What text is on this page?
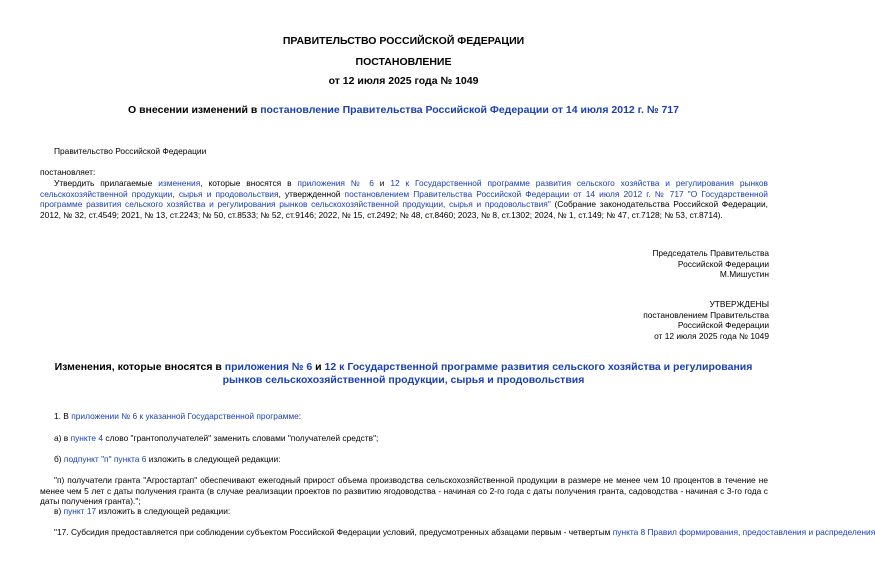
ПРАВИТЕЛЬСТВО РОССИЙСКОЙ ФЕДЕРАЦИИ

ПОСТАНОВЛЕНИЕ

от 12 июля 2025 года № 1049

О внесении изменений в постановление Правительства Российской Федерации от 14 июля 2012 г. № 717

Правительство Российской Федерации

постановляет:

Утвердить прилагаемые изменения, которые вносятся в приложения № 6 и 12 к Государственной программе развития сельского хозяйства и регулирования рынков сельскохозяйственной продукции, сырья и продовольствия, утвержденной постановлением Правительства Российской Федерации от 14 июля 2012 г. № 717 "О Государственной программе развития сельского хозяйства и регулирования рынков сельскохозяйственной продукции, сырья и продовольствия" (Собрание законодательства Российской Федерации, 2012, № 32, ст.4549; 2021, № 13, ст.2243; № 50, ст.8533; № 52, ст.9146; 2022, № 15, ст.2492; № 48, ст.8460; 2023, № 8, ст.1302; 2024, № 1, ст.149; № 47, ст.7128; № 53, ст.8714).

Председатель Правительства
Российской Федерации
М.Мишустин
УТВЕРЖДЕНЫ
постановлением Правительства
Российской Федерации
от 12 июля 2025 года № 1049

Изменения, которые вносятся в приложения № 6 и 12 к Государственной программе развития сельского хозяйства и регулирования рынков сельскохозяйственной продукции, сырья и продовольствия

1. В приложении № 6 к указанной Государственной программе:

а) в пункте 4 слово "грантополучателей" заменить словами "получателей средств";

б) подпункт "п" пункта 6 изложить в следующей редакции:

"п) получатели гранта "Агростартап" обеспечивают ежегодный прирост объема производства сельскохозяйственной продукции в размере не менее чем 10 процентов в течение не менее чем 5 лет с даты получения гранта (в случае реализации проектов по развитию ягодоводства - начиная со 2-го года с даты получения гранта, садоводства - начиная с 3-го года с даты получения гранта).";

в) пункт 17 изложить в следующей редакции:

"17. Субсидия предоставляется при соблюдении субъектом Российской Федерации условий, предусмотренных абзацами первым - четвертым пункта 8 Правил формирования, предоставления и распределения
